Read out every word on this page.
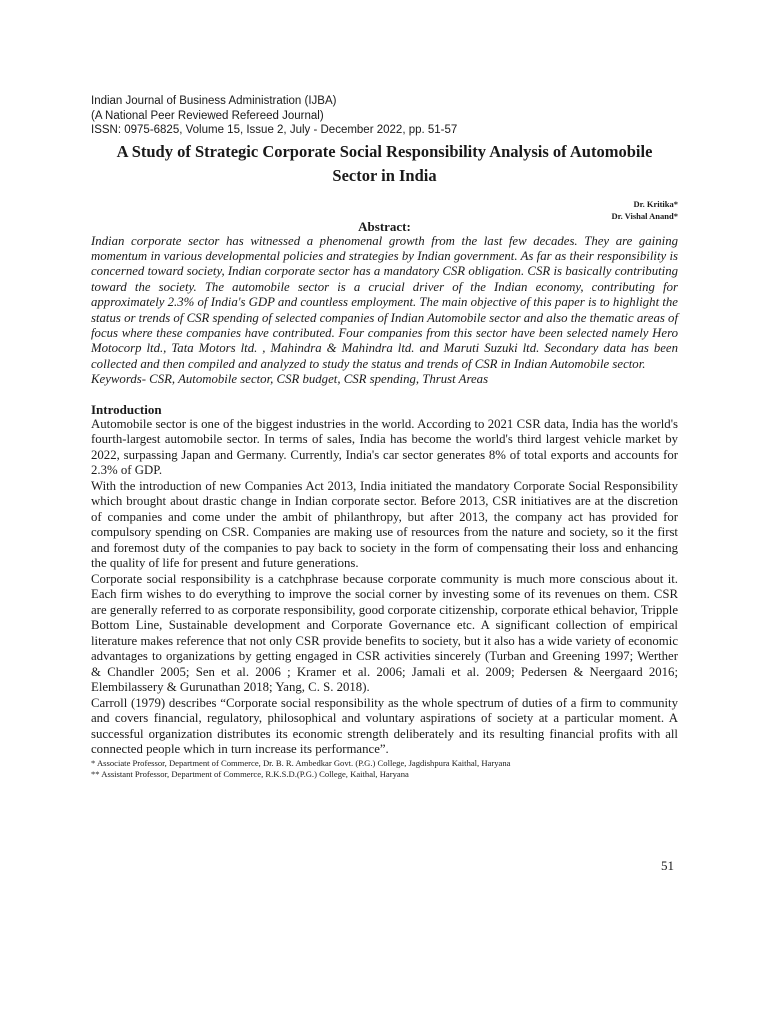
Indian Journal of Business Administration (IJBA)

(A National Peer Reviewed Refereed Journal)

ISSN: 0975-6825, Volume 15, Issue 2, July - December 2022, pp. 51-57

A Study of Strategic Corporate Social Responsibility Analysis of Automobile
Sector in India
Dr. Kritika*
Dr. Vishal Anand*
Abstract:

Indian corporate sector has witnessed a phenomenal growth from the last few decades. They are gaining momentum in various developmental policies and strategies by Indian government. As far as their responsibility is concerned toward society, Indian corporate sector has a mandatory CSR obligation. CSR is basically contributing toward the society. The automobile sector is a crucial driver of the Indian economy, contributing for approximately 2.3% of India's GDP and countless employment. The main objective of this paper is to highlight the status or trends of CSR spending of selected companies of Indian Automobile sector and also the thematic areas of focus where these companies have contributed. Four companies from this sector have been selected namely Hero Motocorp ltd., Tata Motors ltd. , Mahindra & Mahindra ltd. and Maruti Suzuki ltd. Secondary data has been collected and then compiled and analyzed to study the status and trends of CSR in Indian Automobile sector.

Keywords- CSR, Automobile sector, CSR budget, CSR spending, Thrust Areas

Introduction

Automobile sector is one of the biggest industries in the world. According to 2021 CSR data, India has the world's fourth-largest automobile sector. In terms of sales, India has become the world's third largest vehicle market by 2022, surpassing Japan and Germany. Currently, India's car sector generates 8% of total exports and accounts for 2.3% of GDP.

With the introduction of new Companies Act 2013, India initiated the mandatory Corporate Social Responsibility which brought about drastic change in Indian corporate sector. Before 2013, CSR initiatives are at the discretion of companies and come under the ambit of philanthropy, but after 2013, the company act has provided for compulsory spending on CSR. Companies are making use of resources from the nature and society, so it the first and foremost duty of the companies to pay back to society in the form of compensating their loss and enhancing the quality of life for present and future generations.

Corporate social responsibility is a catchphrase because corporate community is much more conscious about it. Each firm wishes to do everything to improve the social corner by investing some of its revenues on them. CSR are generally referred to as corporate responsibility, good corporate citizenship, corporate ethical behavior, Tripple Bottom Line, Sustainable development and Corporate Governance etc. A significant collection of empirical literature makes reference that not only CSR provide benefits to society, but it also has a wide variety of economic advantages to organizations by getting engaged in CSR activities sincerely (Turban and Greening 1997; Werther & Chandler 2005; Sen et al. 2006 ; Kramer et al. 2006; Jamali et al. 2009; Pedersen & Neergaard 2016; Elembilassery & Gurunathan 2018; Yang, C. S. 2018).

Carroll (1979) describes “Corporate social responsibility as the whole spectrum of duties of a firm to community and covers financial, regulatory, philosophical and voluntary aspirations of society at a particular moment. A successful organization distributes its economic strength deliberately and its resulting financial profits with all connected people which in turn increase its performance”.

* Associate Professor, Department of Commerce, Dr. B. R. Ambedkar Govt. (P.G.) College, Jagdishpura Kaithal, Haryana

** Assistant Professor, Department of Commerce, R.K.S.D.(P.G.) College, Kaithal, Haryana

51
